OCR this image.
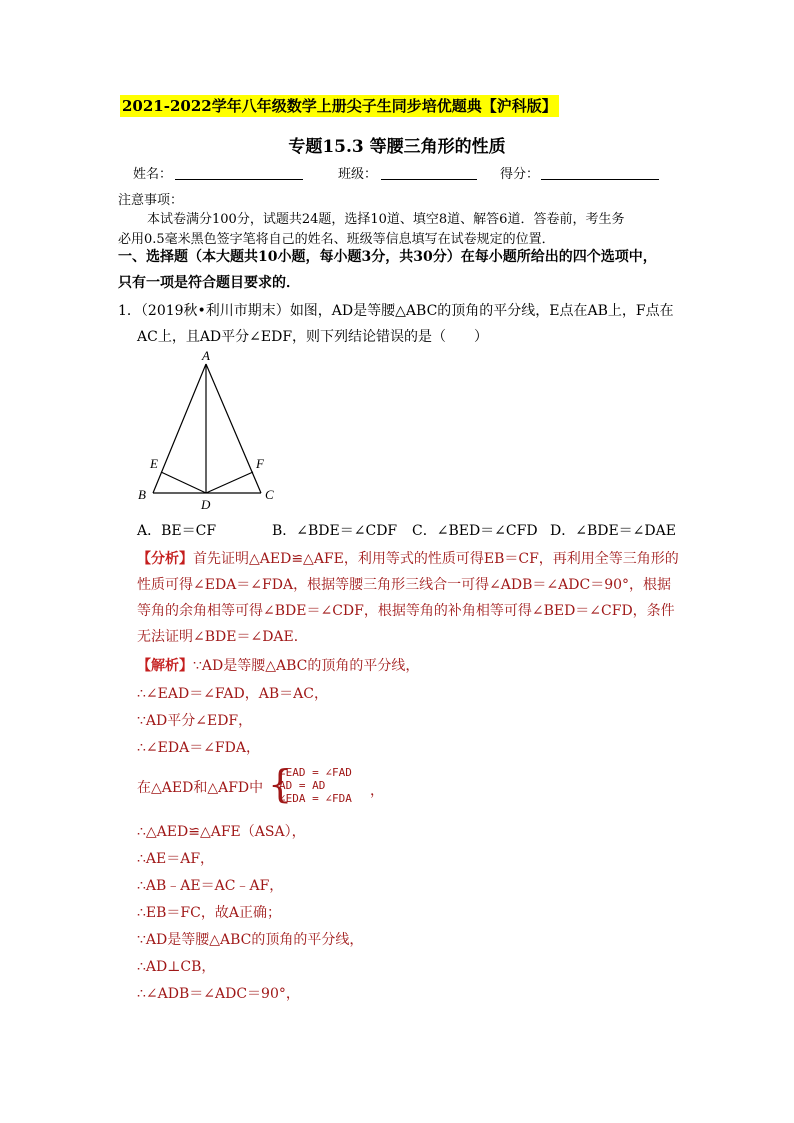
2021-2022学年八年级数学上册尖子生同步培优题典【沪科版】
专题15.3 等腰三角形的性质
姓名：	班级：	得分：
注意事项：
本试卷满分100分，试题共24题，选择10道、填空8道、解答6道．答卷前，考生务
必用0.5毫米黑色签字笔将自己的姓名、班级等信息填写在试卷规定的位置．
一、选择题（本大题共10小题，每小题3分，共30分）在每小题所给出的四个选项中，
只有一项是符合题目要求的．
1．（2019秋•利川市期末）如图，AD是等腰△ABC的顶角的平分线，E点在AB上，F点在
AC上，且AD平分∠EDF，则下列结论错误的是（　　）
A
B	C
D
E	F
A．BE＝CF	B．∠BDE＝∠CDF C．∠BED＝∠CFD D．∠BDE＝∠DAE
【分析】首先证明△AED≌△AFE，利用等式的性质可得EB＝CF，再利用全等三角形的
性质可得∠EDA＝∠FDA，根据等腰三角形三线合一可得∠ADB＝∠ADC＝90°，根据
等角的余角相等可得∠BDE＝∠CDF，根据等角的补角相等可得∠BED＝∠CFD，条件
无法证明∠BDE＝∠DAE．
【解析】∵AD是等腰△ABC的顶角的平分线，
∴∠EAD＝∠FAD，AB＝AC，
∵AD平分∠EDF，
∴∠EDA＝∠FDA，
在△AED和△AFD中 {
∠EAD = ∠FAD
AD = AD
∠EDA = ∠FDA ，
∴△AED≌△AFE（ASA），
∴AE＝AF，
∴AB﹣AE＝AC﹣AF，
∴EB＝FC，故A正确；
∵AD是等腰△ABC的顶角的平分线，
∴AD⊥CB，
∴∠ADB＝∠ADC＝90°，
